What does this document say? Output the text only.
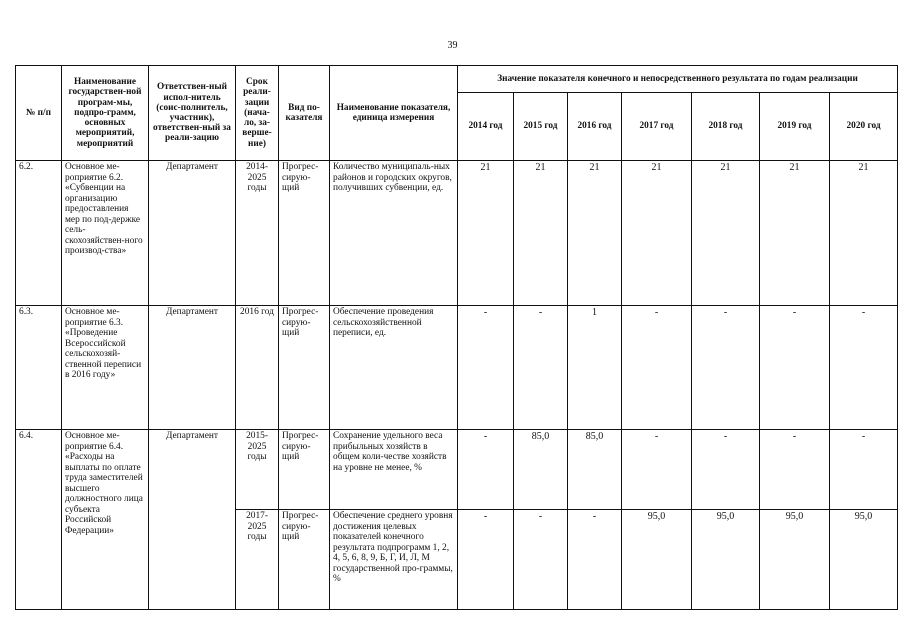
39
№ п/п	Наименование государствен-ной програм-мы, подпро-грамм, основных мероприятий, мероприятий	Ответствен-ный испол-нитель (соис-полнитель, участник), ответствен-ный за реали-зацию	Срок реали-зации (нача-ло, за-верше-ние)	Вид по-казателя	Наименование показателя, единица измерения	Значение показателя конечного и непосредственного результата по годам реализации						
						2014 год	2015 год	2016 год	2017 год	2018 год	2019 год	2020 год
6.2.	Основное ме-роприятие 6.2. «Субвенции на организацию предоставления мер по под-держке сель-скохозяйствен-ного производ-ства»	Департамент	2014-2025 годы	Прогрес-сирую-щий	Количество муниципаль-ных районов и городских округов, получивших субвенции, ед.	21	21	21	21	21	21	21
6.3.	Основное ме-роприятие 6.3. «Проведение Всероссийской сельскохозяй-ственной переписи в 2016 году»	Департамент	2016 год	Прогрес-сирую-щий	Обеспечение проведения сельскохозяйственной переписи, ед.	-	-	1	-	-	-	-
6.4.	Основное ме-роприятие 6.4. «Расходы на выплаты по оплате труда заместителей высшего должностного лица субъекта Российской Федерации»	Департамент	2015-2025 годы	Прогрес-сирую-щий	Сохранение удельного веса прибыльных хозяйств в общем коли-честве хозяйств на уровне не менее, %	-	85,0	85,0	-	-	-	-
			2017-2025 годы	Прогрес-сирую-щий	Обеспечение среднего уровня достижения целевых показателей конечного результата подпрограмм 1, 2, 4, 5, 6, 8, 9, Б, Г, И, Л, М государственной про-граммы, %	-	-	-	95,0	95,0	95,0	95,0
